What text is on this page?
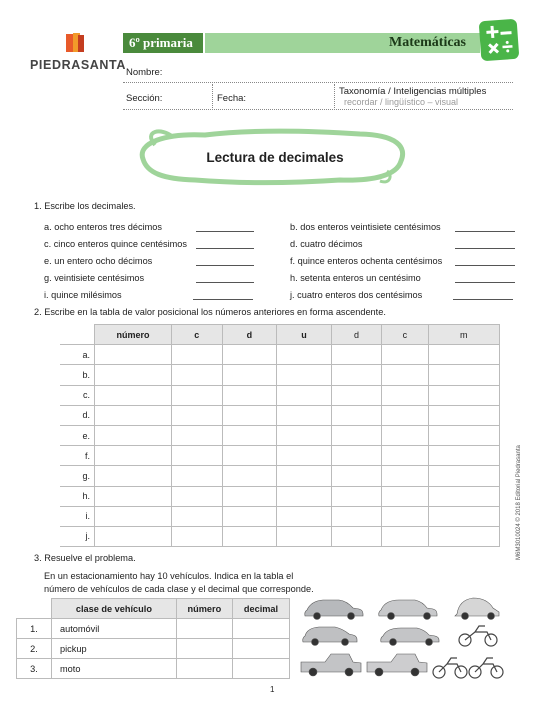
PIEDRASANTA
6º primaria	Matemáticas
Nombre:
Sección:	Fecha:
Taxonomía / Inteligencias múltiples
recordar / lingüístico – visual
Lectura de decimales
1. Escribe los decimales.
a. ocho enteros tres décimos
c. cinco enteros quince centésimos
e. un entero ocho décimos
g. veintisiete centésimos
i. quince milésimos
b. dos enteros veintisiete centésimos
d. cuatro décimos
f. quince enteros ochenta centésimos
h. setenta enteros un centésimo
j. cuatro enteros dos centésimos
2. Escribe en la tabla de valor posicional los números anteriores en forma ascendente.
	número	c	d	u	d	c	m
a.							
b.							
c.							
d.							
e.							
f.							
g.							
h.							
i.							
j.							
3. Resuelve el problema.
En un estacionamiento hay 10 vehículos. Indica en la tabla el
número de vehículos de cada clase y el decimal que corresponde.
	clase de vehículo	número	decimal
1.	automóvil		
2.	pickup		
3.	moto		
M6M3010024 © 2018 Editorial Piedrasanta
1
